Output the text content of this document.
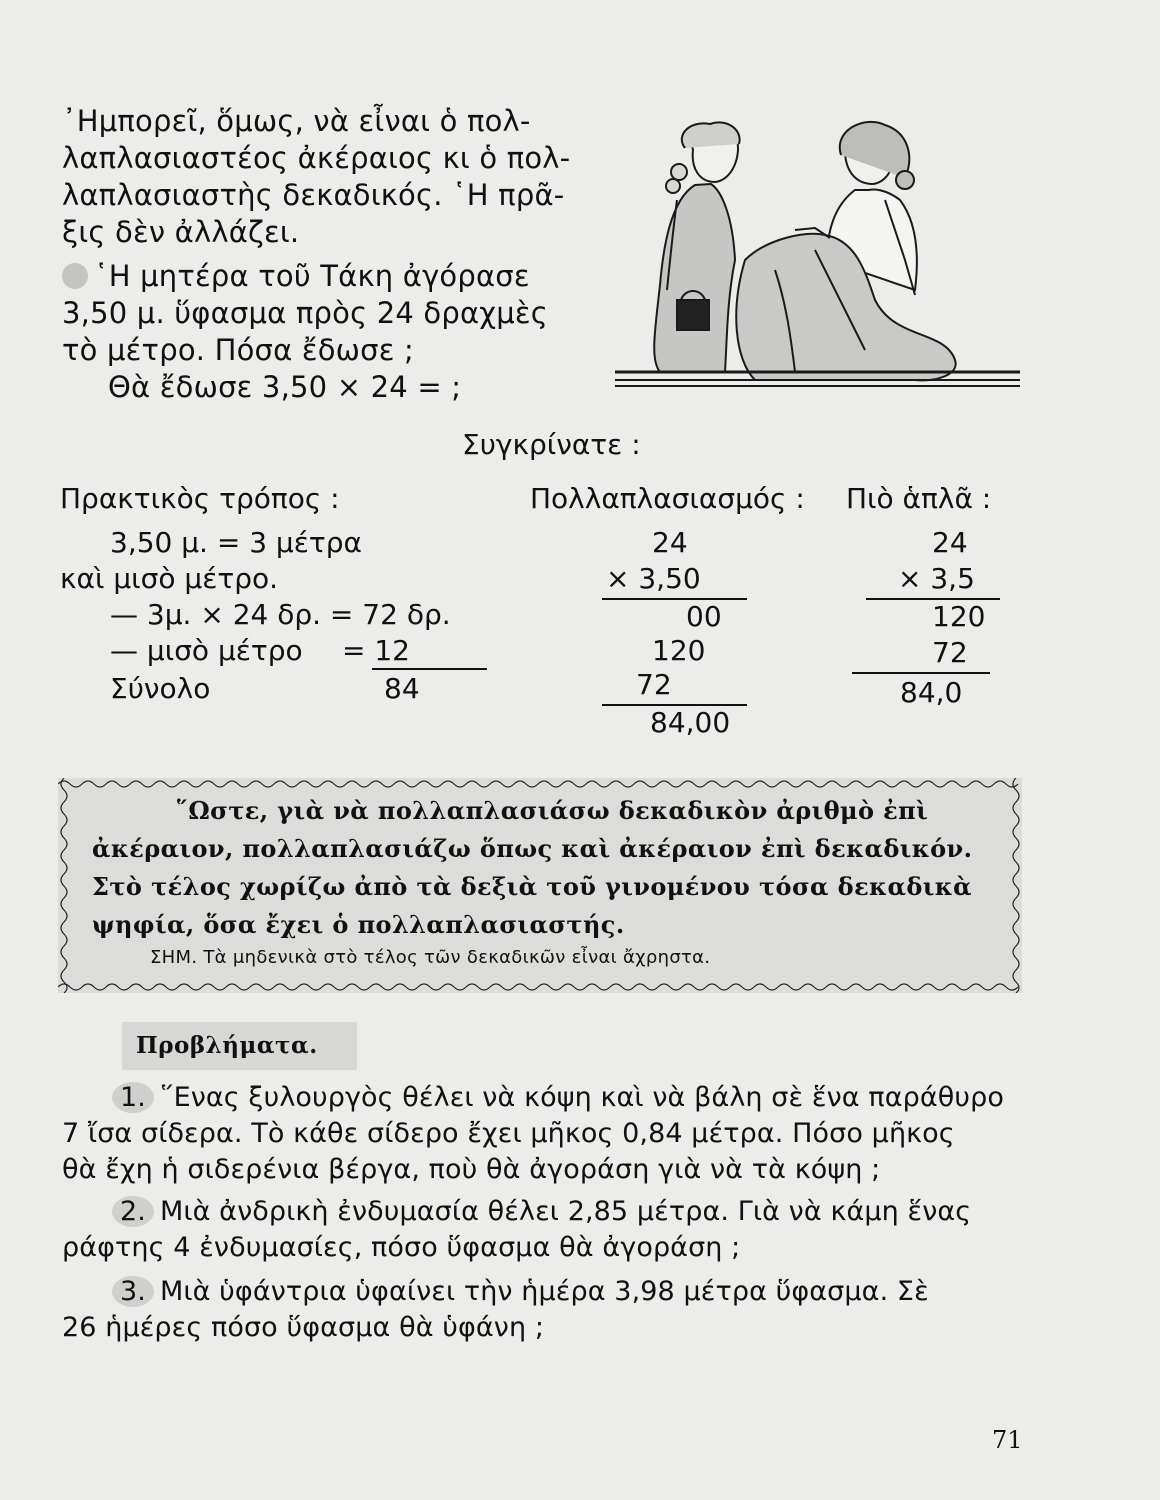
᾿Ημπορεῖ, ὅμως, νὰ εἶναι ὁ πολ-
λαπλασιαστέος ἀκέραιος κι ὁ πολ-
λαπλασιαστὴς δεκαδικός. ῾Η πρᾶ-
ξις δὲν ἀλλάζει.
῾Η μητέρα τοῦ Τάκη ἀγόρασε
3,50 μ. ὕφασμα πρὸς 24 δραχμὲς
τὸ μέτρο. Πόσα ἔδωσε ;
Θὰ ἔδωσε 3,50 × 24 = ;
Συγκρίνατε :
Πρακτικὸς τρόπος :	Πολλαπλασιασμός : Πιὸ ἁπλᾶ :
3,50 μ. = 3 μέτρα
καὶ μισὸ μέτρο.
— 3μ. × 24 δρ. = 72 δρ.
— μισὸ μέτρο = 12
Σύνολο	84
24
× 3,50
00
120
72
84,00
24
× 3,5
120
72
84,0
῞Ωστε, γιὰ νὰ πολλαπλασιάσω δεκαδικὸν ἀριθμὸ ἐπὶ
ἀκέραιον, πολλαπλασιάζω ὅπως καὶ ἀκέραιον ἐπὶ δεκαδικόν.
Στὸ τέλος χωρίζω ἀπὸ τὰ δεξιὰ τοῦ γινομένου τόσα δεκαδικὰ
ψηφία, ὅσα ἔχει ὁ πολλαπλασιαστής.
ΣΗΜ. Τὰ μηδενικὰ στὸ τέλος τῶν δεκαδικῶν εἶναι ἄχρηστα.
Προβλήματα.
1. ῞Ενας ξυλουργὸς θέλει νὰ κόψη καὶ νὰ βάλη σὲ ἕνα παράθυρο
7 ἴσα σίδερα. Τὸ κάθε σίδερο ἔχει μῆκος 0,84 μέτρα. Πόσο μῆκος
θὰ ἔχη ἡ σιδερένια βέργα, ποὺ θὰ ἀγοράση γιὰ νὰ τὰ κόψη ;
2. Μιὰ ἀνδρικὴ ἐνδυμασία θέλει 2,85 μέτρα. Γιὰ νὰ κάμη ἕνας
ράφτης 4 ἐνδυμασίες, πόσο ὕφασμα θὰ ἀγοράση ;
3. Μιὰ ὑφάντρια ὑφαίνει τὴν ἡμέρα 3,98 μέτρα ὕφασμα. Σὲ
26 ἡμέρες πόσο ὕφασμα θὰ ὑφάνη ;
71
